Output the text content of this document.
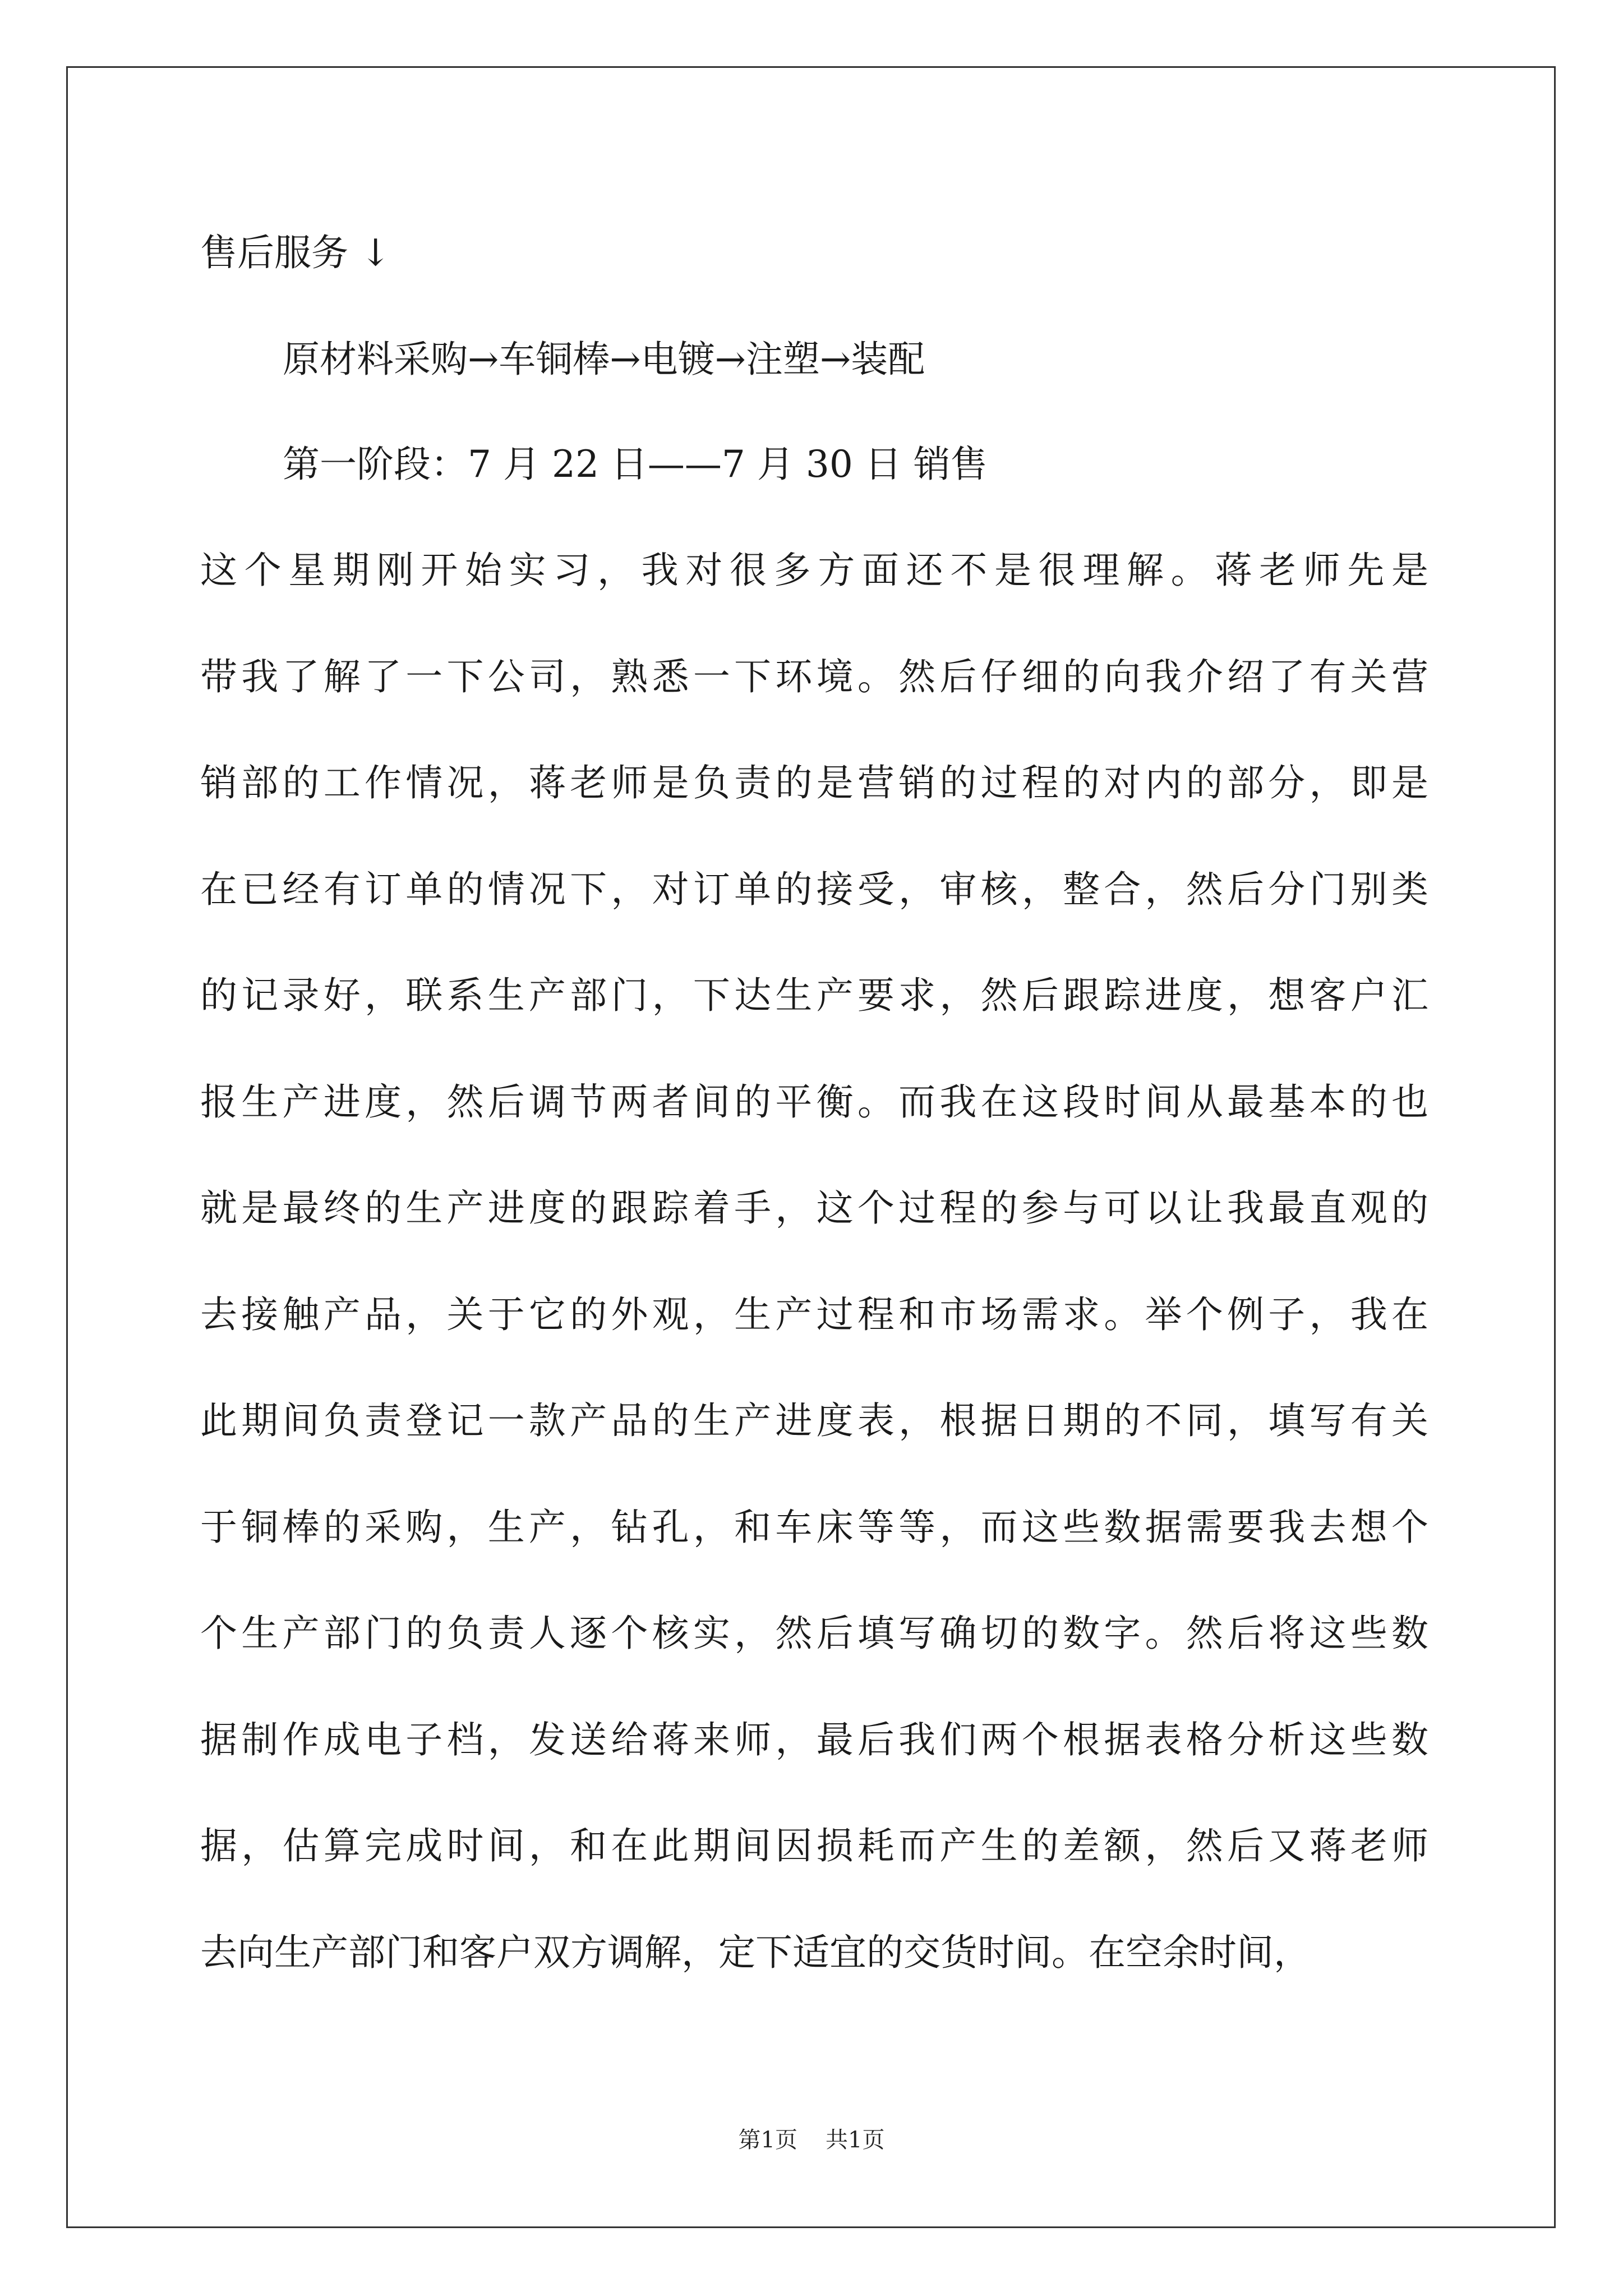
售后服务 ↓
原材料采购→车铜棒→电镀→注塑→装配
第一阶段：7 月 22 日——7 月 30 日 销售
这个星期刚开始实习，我对很多方面还不是很理解。蒋老师先是
带我了解了一下公司，熟悉一下环境。然后仔细的向我介绍了有关营
销部的工作情况，蒋老师是负责的是营销的过程的对内的部分，即是
在已经有订单的情况下，对订单的接受，审核，整合，然后分门别类
的记录好，联系生产部门，下达生产要求，然后跟踪进度，想客户汇
报生产进度，然后调节两者间的平衡。而我在这段时间从最基本的也
就是最终的生产进度的跟踪着手，这个过程的参与可以让我最直观的
去接触产品，关于它的外观，生产过程和市场需求。举个例子，我在
此期间负责登记一款产品的生产进度表，根据日期的不同，填写有关
于铜棒的采购，生产，钻孔，和车床等等，而这些数据需要我去想个
个生产部门的负责人逐个核实，然后填写确切的数字。然后将这些数
据制作成电子档，发送给蒋来师，最后我们两个根据表格分析这些数
据，估算完成时间，和在此期间因损耗而产生的差额，然后又蒋老师
去向生产部门和客户双方调解，定下适宜的交货时间。在空余时间，
第1页 共1页
